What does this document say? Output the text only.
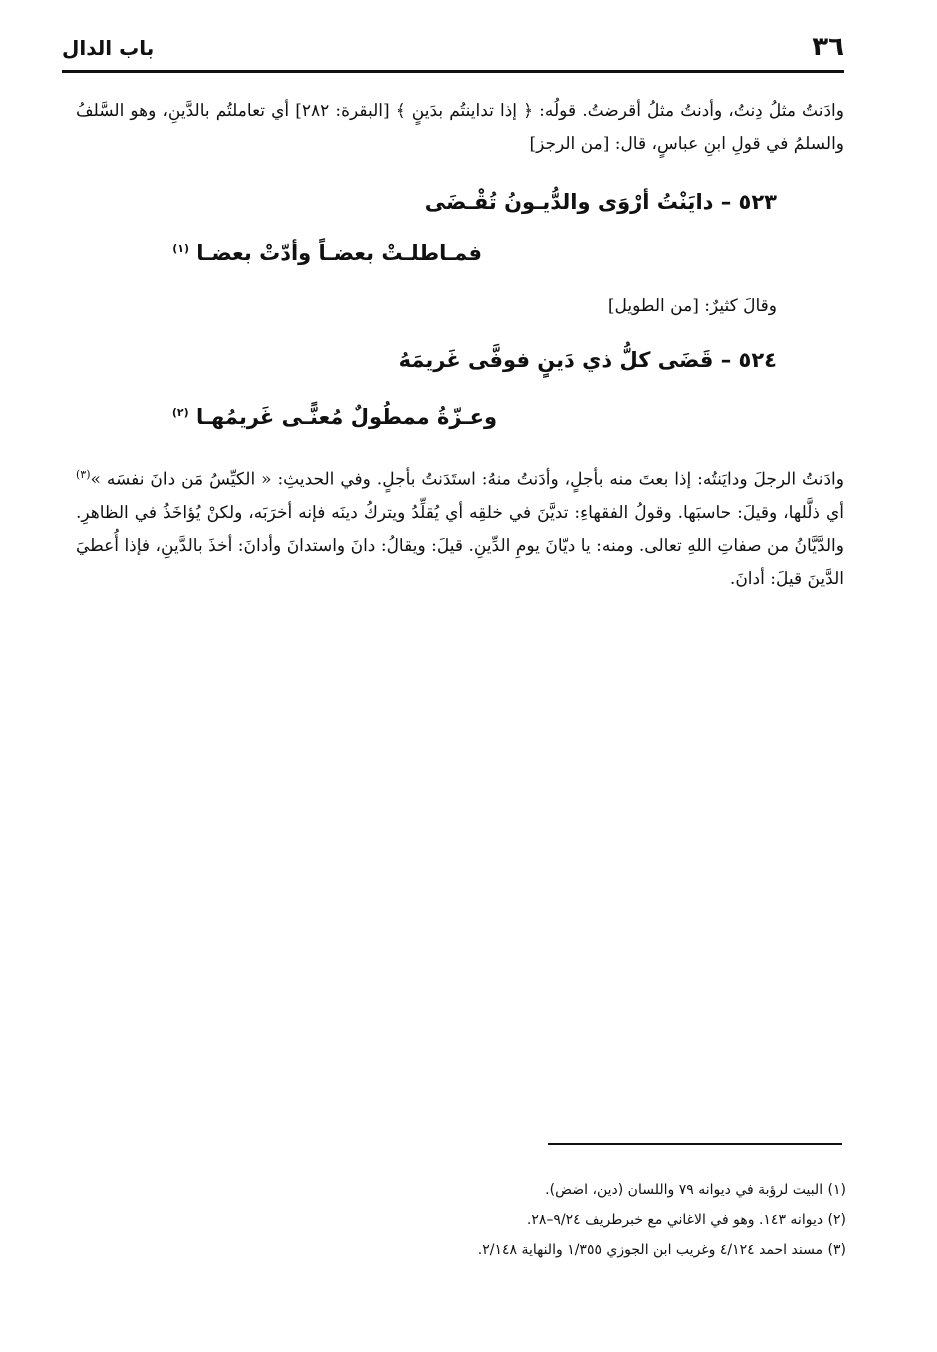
باب الدال	٣٦
وادَنتُ مثلُ دِنتُ، وأدنتُ مثلُ أقرضتُ. قولُه: ﴿ إذا تداينتُم بدَينٍ ﴾ [البقرة: ٢٨٢] أي تعاملتُم بالدَّينِ، وهو السَّلفُ والسلمُ في قولِ ابنِ عباسٍ، قال: [من الرجز]
٥٢٣ – دايَنْتُ أرْوَى والدُّيـونُ تُقْـضَى
فمـاطلـتْ بعضـاً وأدّتْ بعضـا $^{(١)}$
وقالَ كثيرٌ: [من الطويل]
٥٢٤ – قَضَى كلُّ ذي دَينٍ فوفَّى غَريمَهُ
وعـزّةُ ممطُولٌ مُعنًّـى غَريمُهـا $^{(٢)}$
وادَنتُ الرجلَ ودايَنتُه: إذا بعتَ منه بأجلٍ، وأدَنتُ منهُ: استَدَنتُ بأجلٍ. وفي الحديثِ: « الكيِّسُ مَن دانَ نفسَه »$^{(٣)}$ أي ذلَّلها، وقيلَ: حاسبَها. وقولُ الفقهاءِ: تديَّنَ في خلقِه أي يُقلِّدُ ويتركُ دينَه فإنه أخرَبَه، ولكنْ يُؤاخَذُ في الظاهرِ. والدَّيَّانُ من صفاتِ اللهِ تعالى. ومنه: يا ديّانَ يومِ الدِّينِ. قيلَ: ويقالُ: دانَ واستدانَ وأدانَ: أخذَ بالدَّينِ، فإذا أُعطيَ الدَّينَ قيلَ: أدانَ.
(١) البيت لرؤبة في ديوانه ٧٩ واللسان (دين، اضض).
(٢) ديوانه ١٤٣. وهو في الاغاني مع خبرطريف ٩/٢٤–٢٨.
(٣) مسند احمد ٤/١٢٤ وغريب ابن الجوزي ١/٣٥٥ والنهاية ٢/١٤٨.
